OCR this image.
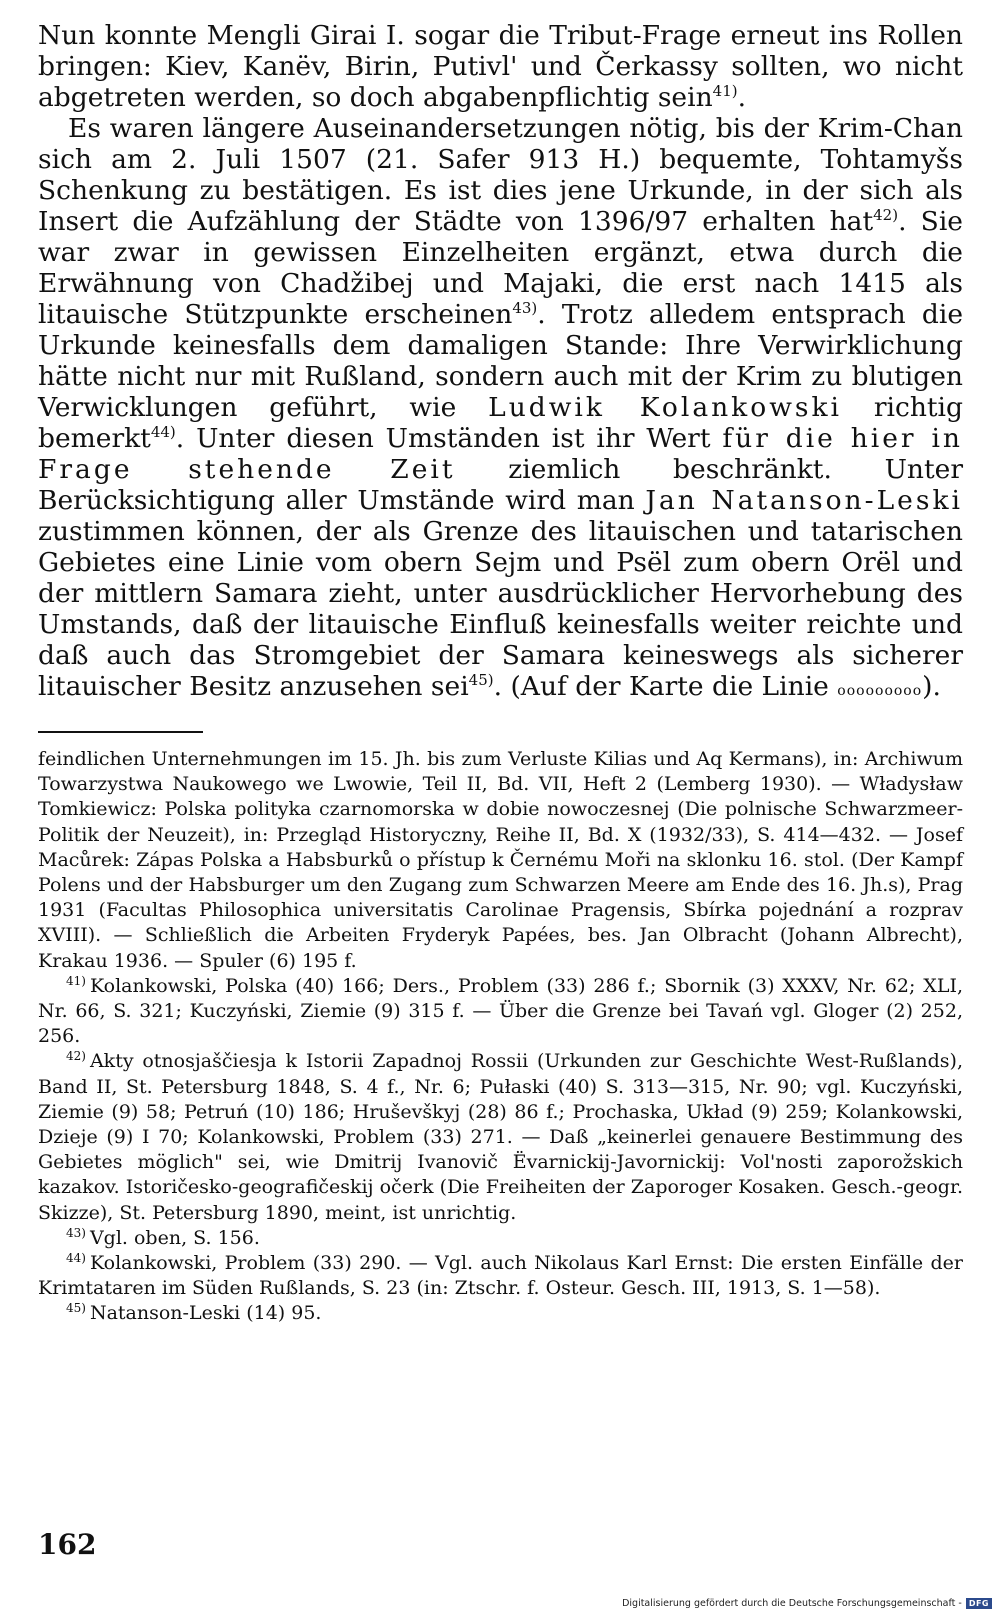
Nun konnte Mengli Girai I. sogar die Tribut-Frage erneut ins Rollen bringen: Kiev, Kanëv, Birin, Putivl' und Čerkassy sollten, wo nicht abgetreten werden, so doch abgabenpflichtig sein$^{41)}$.

Es waren längere Auseinandersetzungen nötig, bis der Krim-Chan sich am 2. Juli 1507 (21. Safer 913 H.) bequemte, Tohtamyšs Schenkung zu bestätigen. Es ist dies jene Urkunde, in der sich als Insert die Aufzählung der Städte von 1396/97 erhalten hat$^{42)}$. Sie war zwar in gewissen Einzelheiten ergänzt, etwa durch die Erwähnung von Chadžibej und Majaki, die erst nach 1415 als litauische Stützpunkte erscheinen$^{43)}$. Trotz alledem entsprach die Urkunde keinesfalls dem damaligen Stande: Ihre Verwirklichung hätte nicht nur mit Rußland, sondern auch mit der Krim zu blutigen Verwicklungen geführt, wie Ludwik Kolankowski richtig bemerkt$^{44)}$. Unter diesen Umständen ist ihr Wert für die hier in Frage stehende Zeit ziemlich beschränkt. Unter Berücksichtigung aller Umstände wird man Jan Natanson-Leski zustimmen können, der als Grenze des litauischen und tatarischen Gebietes eine Linie vom obern Sejm und Psël zum obern Orël und der mittlern Samara zieht, unter ausdrücklicher Hervorhebung des Umstands, daß der litauische Einfluß keinesfalls weiter reichte und daß auch das Stromgebiet der Samara keineswegs als sicherer litauischer Besitz anzusehen sei$^{45)}$. (Auf der Karte die Linie ooooooooo).

feindlichen Unternehmungen im 15. Jh. bis zum Verluste Kilias und Aq Kermans), in: Archiwum Towarzystwa Naukowego we Lwowie, Teil II, Bd. VII, Heft 2 (Lemberg 1930). — Władysław Tomkiewicz: Polska polityka czarnomorska w dobie nowoczesnej (Die polnische Schwarzmeer-Politik der Neuzeit), in: Przegląd Historyczny, Reihe II, Bd. X (1932/33), S. 414—432. — Josef Macůrek: Zápas Polska a Habsburků o přístup k Černému Moři na sklonku 16. stol. (Der Kampf Polens und der Habsburger um den Zugang zum Schwarzen Meere am Ende des 16. Jh.s), Prag 1931 (Facultas Philosophica universitatis Carolinae Pragensis, Sbírka pojednání a rozprav XVIII). — Schließlich die Arbeiten Fryderyk Papées, bes. Jan Olbracht (Johann Albrecht), Krakau 1936. — Spuler (6) 195 f.

$^{41)}$ Kolankowski, Polska (40) 166; Ders., Problem (33) 286 f.; Sbornik (3) XXXV, Nr. 62; XLI, Nr. 66, S. 321; Kuczyński, Ziemie (9) 315 f. — Über die Grenze bei Tavań vgl. Gloger (2) 252, 256.

$^{42)}$ Akty otnosjaščiesja k Istorii Zapadnoj Rossii (Urkunden zur Geschichte West-Rußlands), Band II, St. Petersburg 1848, S. 4 f., Nr. 6; Pułaski (40) S. 313—315, Nr. 90; vgl. Kuczyński, Ziemie (9) 58; Petruń (10) 186; Hruševškyj (28) 86 f.; Prochaska, Układ (9) 259; Kolankowski, Dzieje (9) I 70; Kolankowski, Problem (33) 271. — Daß „keinerlei genauere Bestimmung des Gebietes möglich" sei, wie Dmitrij Ivanovič Ëvarnickij-Javornickij: Vol'nosti zaporožskich kazakov. Istoričesko-geografičeskij očerk (Die Freiheiten der Zaporoger Kosaken. Gesch.-geogr. Skizze), St. Petersburg 1890, meint, ist unrichtig.

$^{43)}$ Vgl. oben, S. 156.

$^{44)}$ Kolankowski, Problem (33) 290. — Vgl. auch Nikolaus Karl Ernst: Die ersten Einfälle der Krimtataren im Süden Rußlands, S. 23 (in: Ztschr. f. Osteur. Gesch. III, 1913, S. 1—58).

$^{45)}$ Natanson-Leski (14) 95.

162
Digitalisierung gefördert durch die Deutsche Forschungsgemeinschaft - DFG
